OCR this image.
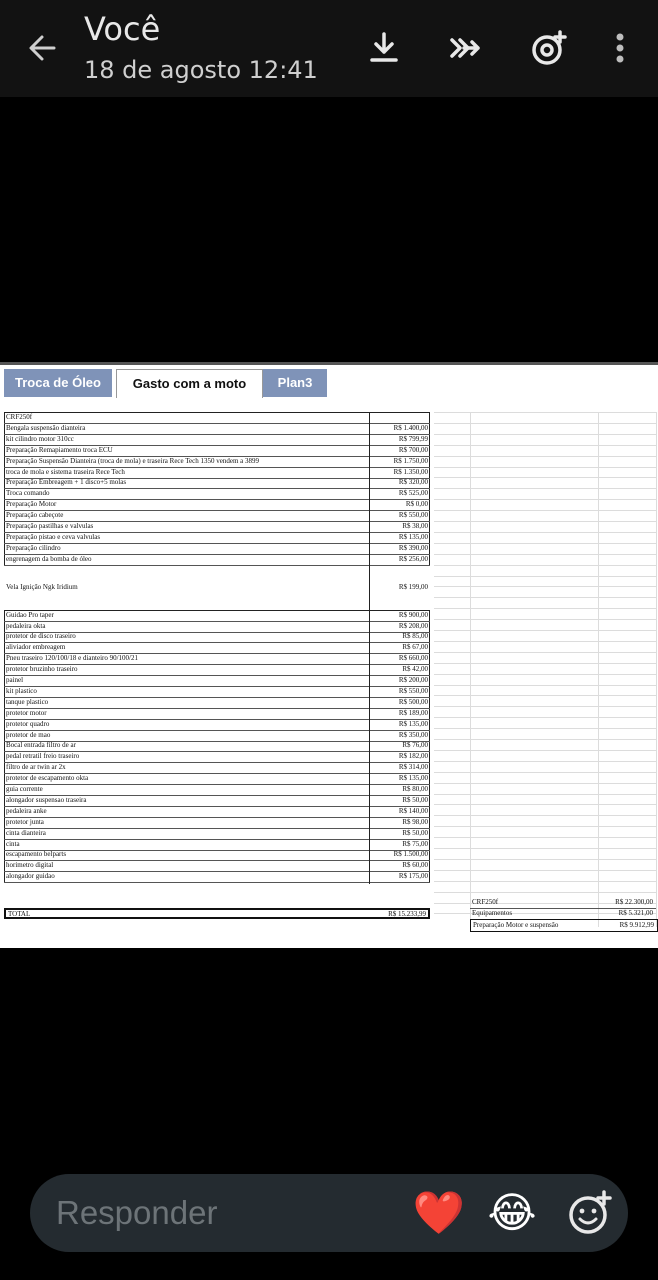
Você
18 de agosto 12:41
Troca de Óleo	Gasto com a moto	Plan3
CRF250f
Bengala suspensão dianteira	R$ 1.400,00
kit cilindro motor 310cc	R$ 799,99
Preparação Remapiamento troca ECU	R$ 700,00
Preparação Suspensão Dianteira (troca de mola) e traseira Rece Tech 1350 vendem a 3899	R$ 1.750,00
troca de mola e sistema traseira Rece Tech	R$ 1.350,00
Preparação Embreagem + 1 disco+5 molas	R$ 320,00
Troca comando	R$ 525,00
Preparação Motor	R$ 0,00
Preparação cabeçote	R$ 550,00
Preparação pastilhas e valvulas	R$ 38,00
Preparação pistao e ceva valvulas	R$ 135,00
Preparação cilindro	R$ 390,00
engrenagem da bomba de óleo	R$ 256,00
Vela Ignição Ngk Iridium	R$ 199,00
Guidao Pro taper	R$ 900,00
pedaleira okta	R$ 208,00
protetor de disco traseiro	R$ 85,00
aliviador embreagem	R$ 67,00
Pneu traseiro 120/100/18 e dianteiro 90/100/21	R$ 660,00
protetor bruzinho traseiro	R$ 42,00
painel	R$ 200,00
kit plastico	R$ 550,00
tanque plastico	R$ 500,00
protetor motor	R$ 189,00
protetor quadro	R$ 135,00
protetor de mao	R$ 350,00
Bocal entrada filtro de ar	R$ 76,00
pedal retratil freio traseiro	R$ 182,00
filtro de ar twin ar 2x	R$ 314,00
protetor de escapamento okta	R$ 135,00
guia corrente	R$ 80,00
alongador suspensao traseira	R$ 50,00
pedaleira anke	R$ 140,00
protetor junta	R$ 98,00
cinta dianteira	R$ 50,00
cinta	R$ 75,00
escapamento belparts	R$ 1.500,00
horimetro digital	R$ 60,00
alongador guidao	R$ 175,00
TOTAL	R$ 15.233,99
CRF250f	R$ 22.300,00
Equipamentos	R$ 5.321,00
Preparação Motor e suspensão	R$ 9.912,99
Responder	❤️ 😂
